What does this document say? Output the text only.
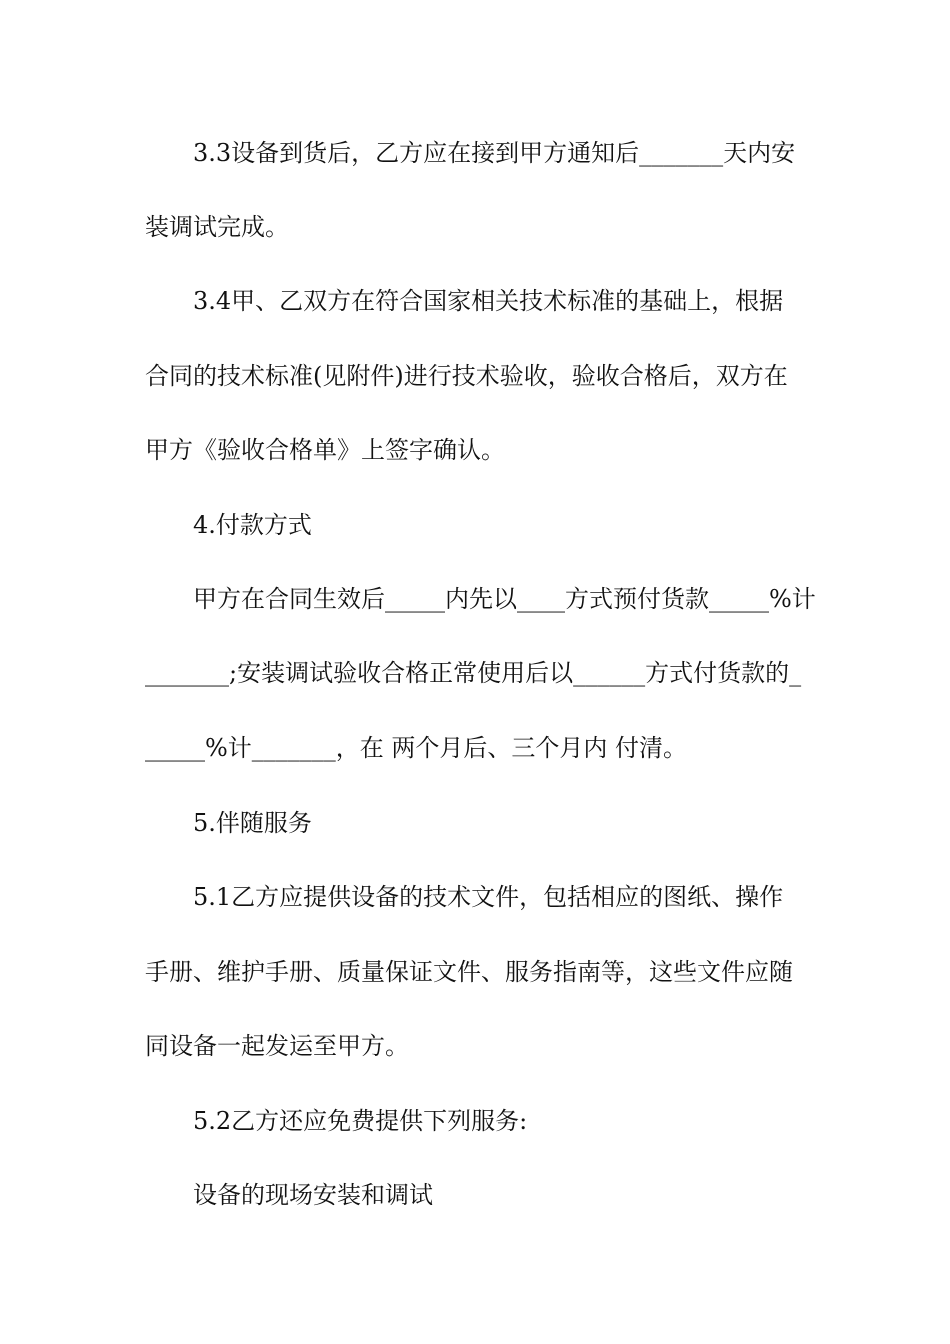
3.3设备到货后，乙方应在接到甲方通知后_______天内安
装调试完成。
3.4甲、乙双方在符合国家相关技术标准的基础上，根据
合同的技术标准(见附件)进行技术验收，验收合格后，双方在
甲方《验收合格单》上签字确认。
4.付款方式
甲方在合同生效后_____内先以____方式预付货款_____%计
_______;安装调试验收合格正常使用后以______方式付货款的_
_____%计_______，在 两个月后、三个月内 付清。
5.伴随服务
5.1乙方应提供设备的技术文件，包括相应的图纸、操作
手册、维护手册、质量保证文件、服务指南等，这些文件应随
同设备一起发运至甲方。
5.2乙方还应免费提供下列服务:
设备的现场安装和调试
